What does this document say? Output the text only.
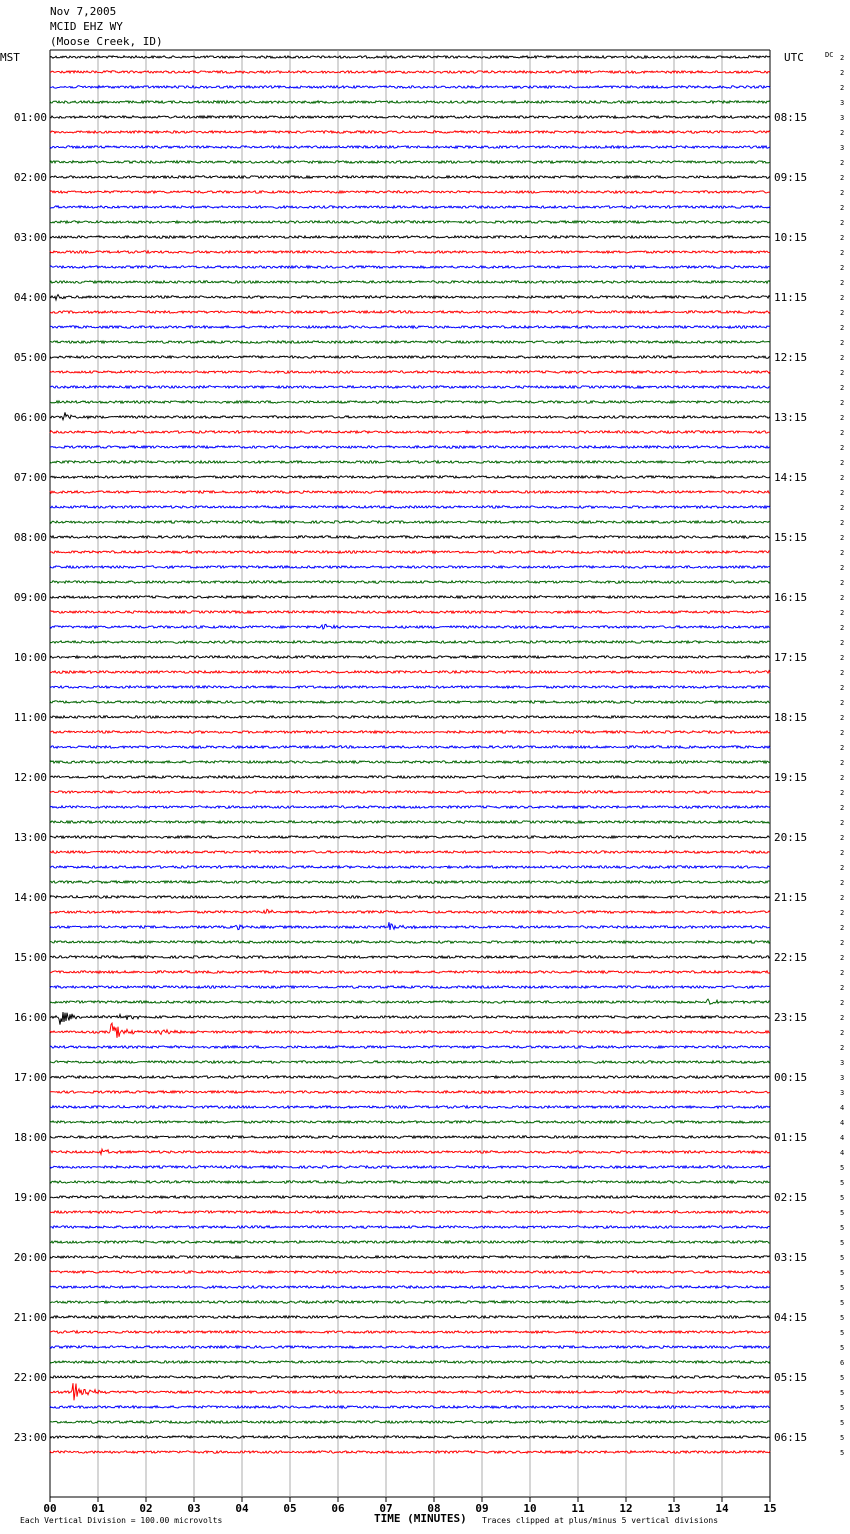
Nov 7,2005
MCID EHZ WY
(Moose Creek, ID)
MST	UTC	DC
TIME (MINUTES)
Each Vertical Division = 100.00 microvolts	Traces clipped at plus/minus 5 vertical divisions
00	01	02	03	04	05	06	07	08	09	10	11	12	13	14	15
2
2
2
3
3
2
3
2
2
2
2
2
2
2
2
2
2
2
2
2
2
2
2
2
2
2
2
2
2
2
2
2
2
2
2
2
2
2
2
2
2
2
2
2
2
2
2
2
2
2
2
2
2
2
2
2
2
2
2
2
2
2
2
2
2
2
2
3
3
3
4
4
4
4
5
5
5
5
5
5
5
5
5
5
5
5
5
6
5
5
5
5
5
5
01:00	08:15
02:00	09:15
03:00	10:15
04:00	11:15
05:00	12:15
06:00	13:15
07:00	14:15
08:00	15:15
09:00	16:15
10:00	17:15
11:00	18:15
12:00	19:15
13:00	20:15
14:00	21:15
15:00	22:15
16:00	23:15
17:00	00:15
18:00	01:15
19:00	02:15
20:00	03:15
21:00	04:15
22:00	05:15
23:00	06:15
